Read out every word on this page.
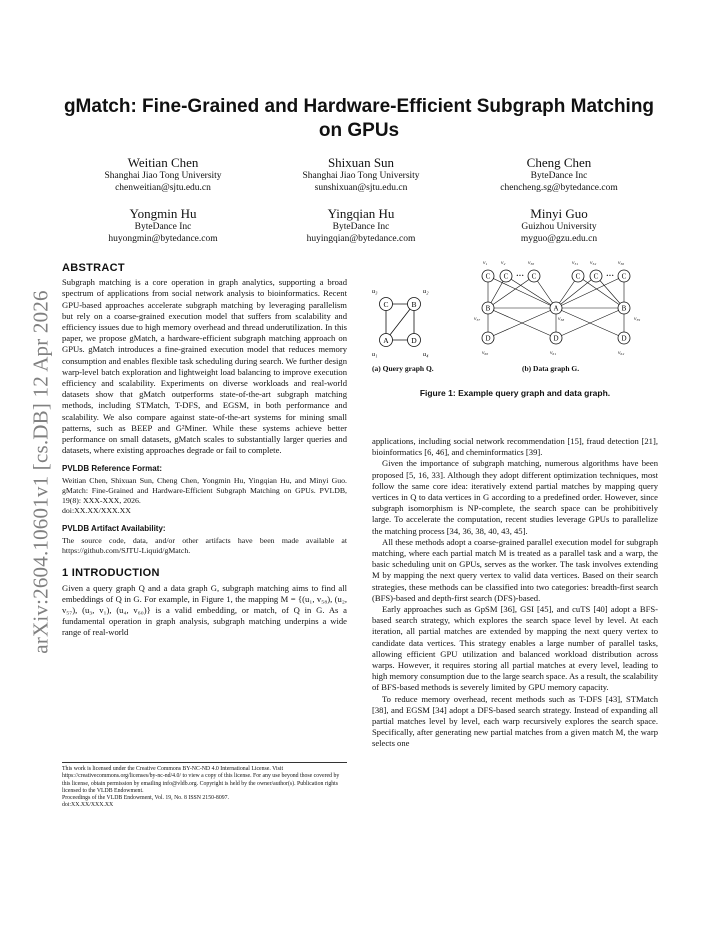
arXiv:2604.10601v1 [cs.DB] 12 Apr 2026
gMatch: Fine-Grained and Hardware-Efficient Subgraph Matching on GPUs
Weitian Chen
Shanghai Jiao Tong University
chenweitian@sjtu.edu.cn
Shixuan Sun
Shanghai Jiao Tong University
sunshixuan@sjtu.edu.cn
Cheng Chen
ByteDance Inc
chencheng.sg@bytedance.com
Yongmin Hu
ByteDance Inc
huyongmin@bytedance.com
Yingqian Hu
ByteDance Inc
huyingqian@bytedance.com
Minyi Guo
Guizhou University
myguo@gzu.edu.cn
ABSTRACT

Subgraph matching is a core operation in graph analytics, supporting a broad spectrum of applications from social network analysis to bioinformatics. Recent GPU-based approaches accelerate subgraph matching by leveraging parallelism but rely on a coarse-grained execution model that suffers from scalability and efficiency issues due to high memory overhead and thread underutilization. In this paper, we propose gMatch, a hardware-efficient subgraph matching approach on GPUs. gMatch introduces a fine-grained execution model that reduces memory consumption and enables flexible task scheduling during search. We further design warp-level batch exploration and lightweight load balancing to improve execution efficiency and scalability. Experiments on diverse workloads and real-world datasets show that gMatch outperforms state-of-the-art subgraph matching methods, including STMatch, T-DFS, and EGSM, in both performance and scalability. We also compare against state-of-the-art systems for mining small patterns, such as BEEP and G²Miner. While these systems achieve better performance on small datasets, gMatch scales to substantially larger queries and datasets, where existing approaches degrade or fail to complete.

PVLDB Reference Format:

Weitian Chen, Shixuan Sun, Cheng Chen, Yongmin Hu, Yingqian Hu, and Minyi Guo. gMatch: Fine-Grained and Hardware-Efficient Subgraph Matching on GPUs. PVLDB, 19(8): XXX-XXX, 2026.

doi:XX.XX/XXX.XX

PVLDB Artifact Availability:

The source code, data, and/or other artifacts have been made available at https://github.com/SJTU-Liquid/gMatch.

1 INTRODUCTION

Given a query graph Q and a data graph G, subgraph matching aims to find all embeddings of Q in G. For example, in Figure 1, the mapping M = {(u₁, v₅₈), (u₂, v₅₇), (u₃, v₁), (u₄, v₆₀)} is a valid embedding, or match, of Q in G. As a fundamental operation in graph analysis, subgraph matching underpins a wide range of real-world

This work is licensed under the Creative Commons BY-NC-ND 4.0 International License. Visit https://creativecommons.org/licenses/by-nc-nd/4.0/ to view a copy of this license. For any use beyond those covered by this license, obtain permission by emailing info@vldb.org. Copyright is held by the owner/author(s). Publication rights licensed to the VLDB Endowment.

Proceedings of the VLDB Endowment, Vol. 19, No. 8 ISSN 2150-8097.

doi:XX.XX/XXX.XX

C	B
A	D
u₃	u₂
u₁	u₄
C C ··· C	C C ··· C
B	A	B
D	D	D
v₁ v₂	v₅₀	v₅₁ v₅₂	v₅₆
v₅₇	v₅₈	v₅₉
v₆₀	v₆₁	v₆₂
(a) Query graph Q.	(b) Data graph G.
Figure 1: Example query graph and data graph.

applications, including social network recommendation [15], fraud detection [21], bioinformatics [6, 46], and cheminformatics [39].

Given the importance of subgraph matching, numerous algorithms have been proposed [5, 16, 33]. Although they adopt different optimization techniques, most follow the same core idea: iteratively extend partial matches by mapping query vertices in Q to data vertices in G according to a predefined order. However, since subgraph isomorphism is NP-complete, the search space can be prohibitively large. To accelerate the computation, recent studies leverage GPUs to parallelize the matching process [34, 36, 38, 40, 43, 45].

All these methods adopt a coarse-grained parallel execution model for subgraph matching, where each partial match M is treated as a parallel task and a warp, the basic scheduling unit on GPUs, serves as the worker. The task involves extending M by mapping the next query vertex to valid data vertices. Based on their search strategies, these methods can be classified into two categories: breadth-first search (BFS)-based and depth-first search (DFS)-based.

Early approaches such as GpSM [36], GSI [45], and cuTS [40] adopt a BFS-based search strategy, which explores the search space level by level. At each iteration, all partial matches are extended by mapping the next query vertex to candidate data vertices. This strategy enables a large number of parallel tasks, allowing efficient GPU utilization and balanced workload distribution across warps. However, it requires storing all partial matches at every level, leading to high memory consumption due to the large search space. As a result, the scalability of BFS-based methods is severely limited by GPU memory capacity.

To reduce memory overhead, recent methods such as T-DFS [43], STMatch [38], and EGSM [34] adopt a DFS-based search strategy. Instead of expanding all partial matches level by level, each warp recursively explores the search space. Specifically, after generating new partial matches from a given match M, the warp selects one
